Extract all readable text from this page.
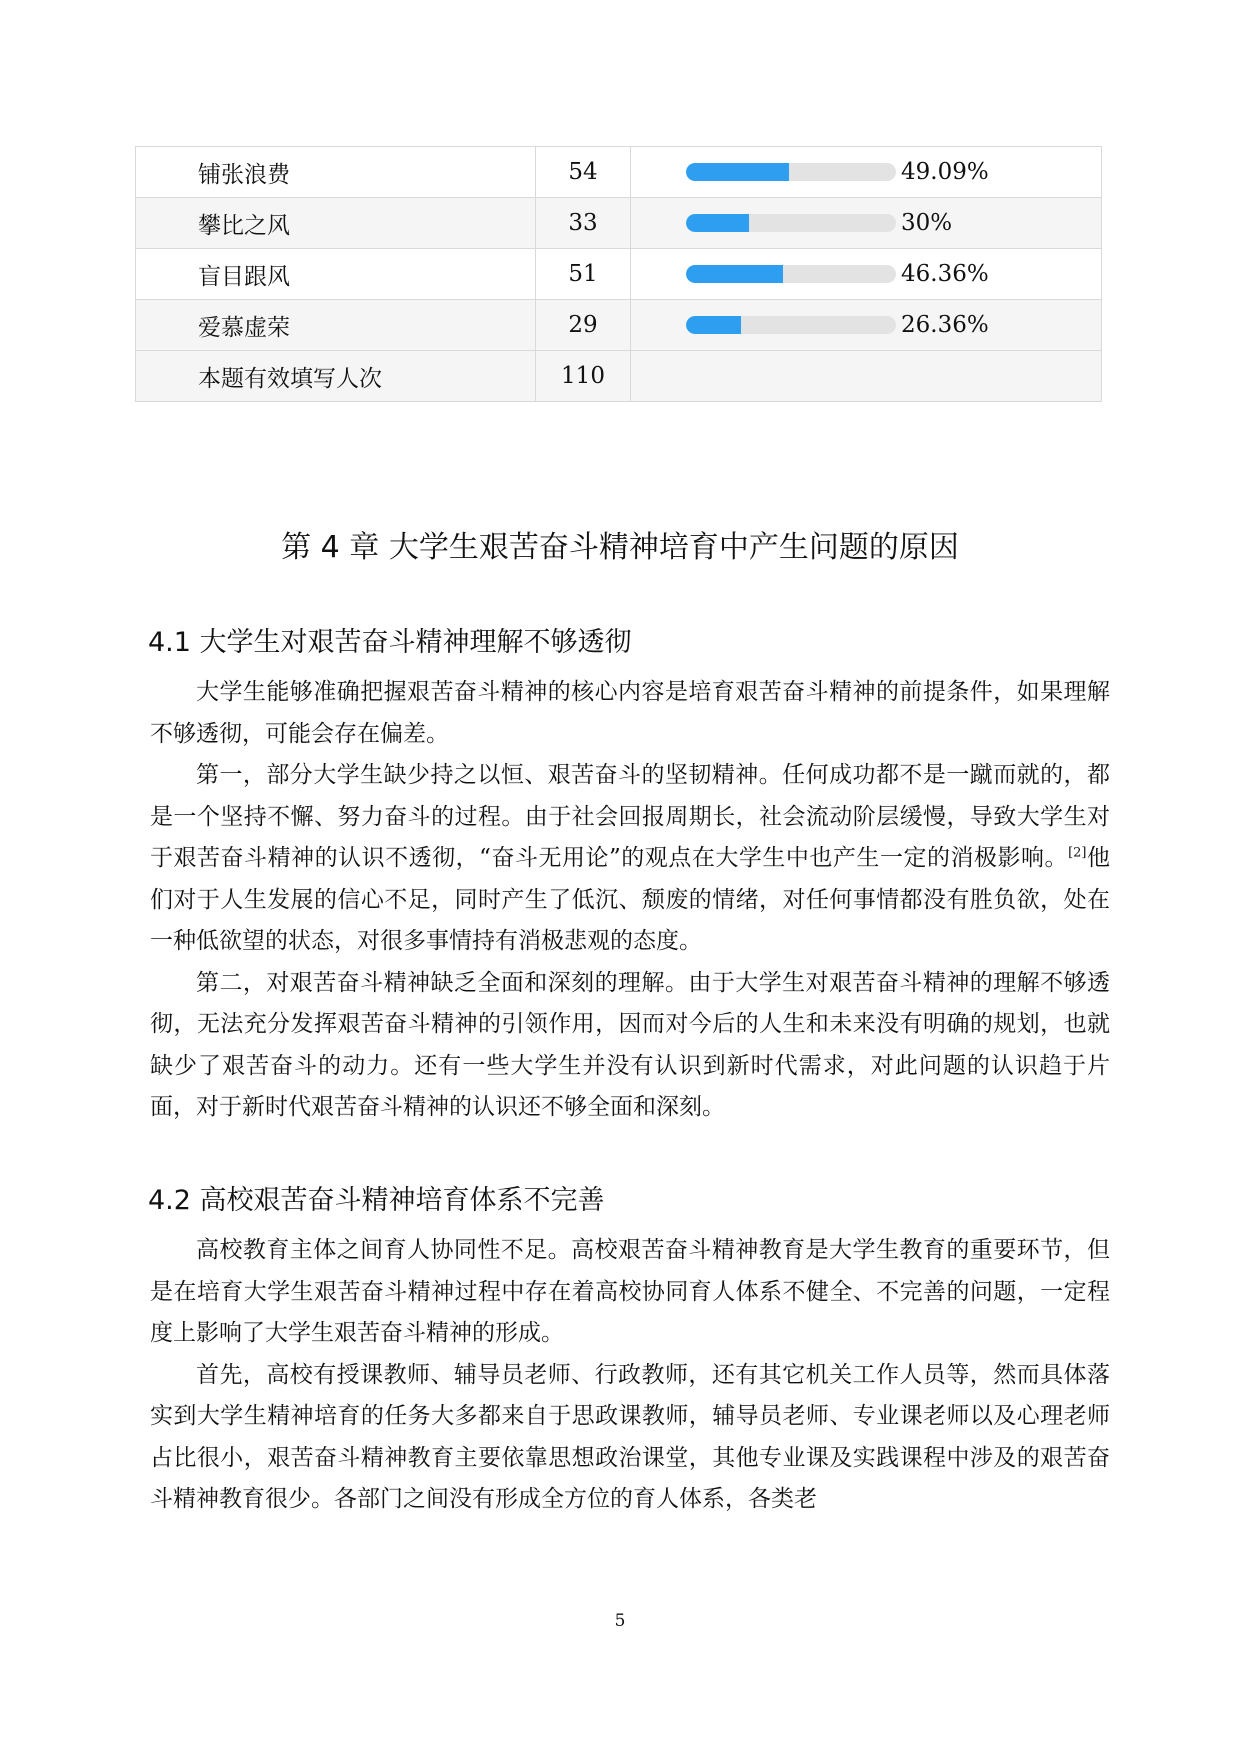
铺张浪费	54	49.09%

攀比之风	33	30%

盲目跟风	51	46.36%

爱慕虚荣	29	26.36%

本题有效填写人次	110	
第 4 章 大学生艰苦奋斗精神培育中产生问题的原因
4.1 大学生对艰苦奋斗精神理解不够透彻

大学生能够准确把握艰苦奋斗精神的核心内容是培育艰苦奋斗精神的前提条件，如果理解不够透彻，可能会存在偏差。

第一，部分大学生缺少持之以恒、艰苦奋斗的坚韧精神。任何成功都不是一蹴而就的，都是一个坚持不懈、努力奋斗的过程。由于社会回报周期长，社会流动阶层缓慢，导致大学生对于艰苦奋斗精神的认识不透彻，“奋斗无用论”的观点在大学生中也产生一定的消极影响。[2]他们对于人生发展的信心不足，同时产生了低沉、颓废的情绪，对任何事情都没有胜负欲，处在一种低欲望的状态，对很多事情持有消极悲观的态度。

第二，对艰苦奋斗精神缺乏全面和深刻的理解。由于大学生对艰苦奋斗精神的理解不够透彻，无法充分发挥艰苦奋斗精神的引领作用，因而对今后的人生和未来没有明确的规划，也就缺少了艰苦奋斗的动力。还有一些大学生并没有认识到新时代需求，对此问题的认识趋于片面，对于新时代艰苦奋斗精神的认识还不够全面和深刻。

4.2 高校艰苦奋斗精神培育体系不完善

高校教育主体之间育人协同性不足。高校艰苦奋斗精神教育是大学生教育的重要环节，但是在培育大学生艰苦奋斗精神过程中存在着高校协同育人体系不健全、不完善的问题，一定程度上影响了大学生艰苦奋斗精神的形成。

首先，高校有授课教师、辅导员老师、行政教师，还有其它机关工作人员等，然而具体落实到大学生精神培育的任务大多都来自于思政课教师，辅导员老师、专业课老师以及心理老师占比很小，艰苦奋斗精神教育主要依靠思想政治课堂，其他专业课及实践课程中涉及的艰苦奋斗精神教育很少。各部门之间没有形成全方位的育人体系，各类老

5
